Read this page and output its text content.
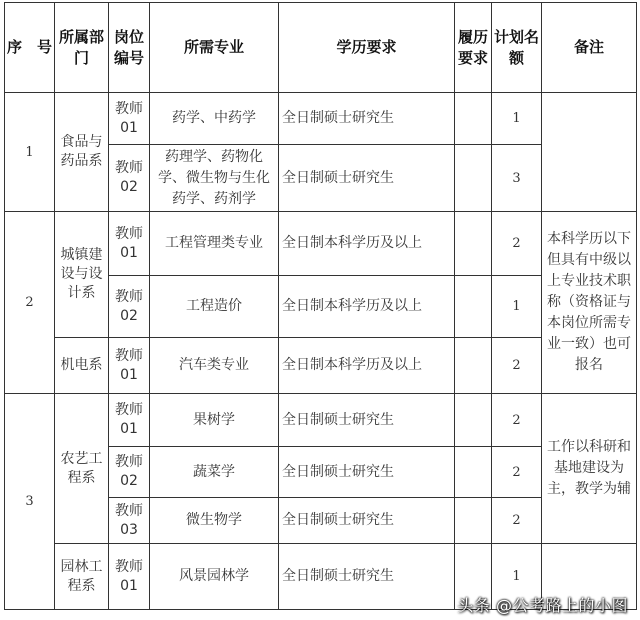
序　号	所属部门	岗位编号	所需专业	学历要求	履历要求	计划名额	备注
1	食品与药品系	教师01	药学、中药学	全日制硕士研究生		1	
		教师02	药理学、药物化学、微生物与生化药学、药剂学	全日制硕士研究生		3	
2	城镇建设与设计系	教师01	工程管理类专业	全日制本科学历及以上		2	本科学历以下但具有中级以上专业技术职称（资格证与本岗位所需专业一致）也可报名
		教师02	工程造价	全日制本科学历及以上		1	
	机电系	教师01	汽车类专业	全日制本科学历及以上		2	
3	农艺工程系	教师01	果树学	全日制硕士研究生		2	工作以科研和基地建设为主，教学为辅
		教师02	蔬菜学	全日制硕士研究生		2	
		教师03	微生物学	全日制硕士研究生		2	
	园林工程系	教师01	风景园林学	全日制硕士研究生		1	
头条 @公考路上的小图
